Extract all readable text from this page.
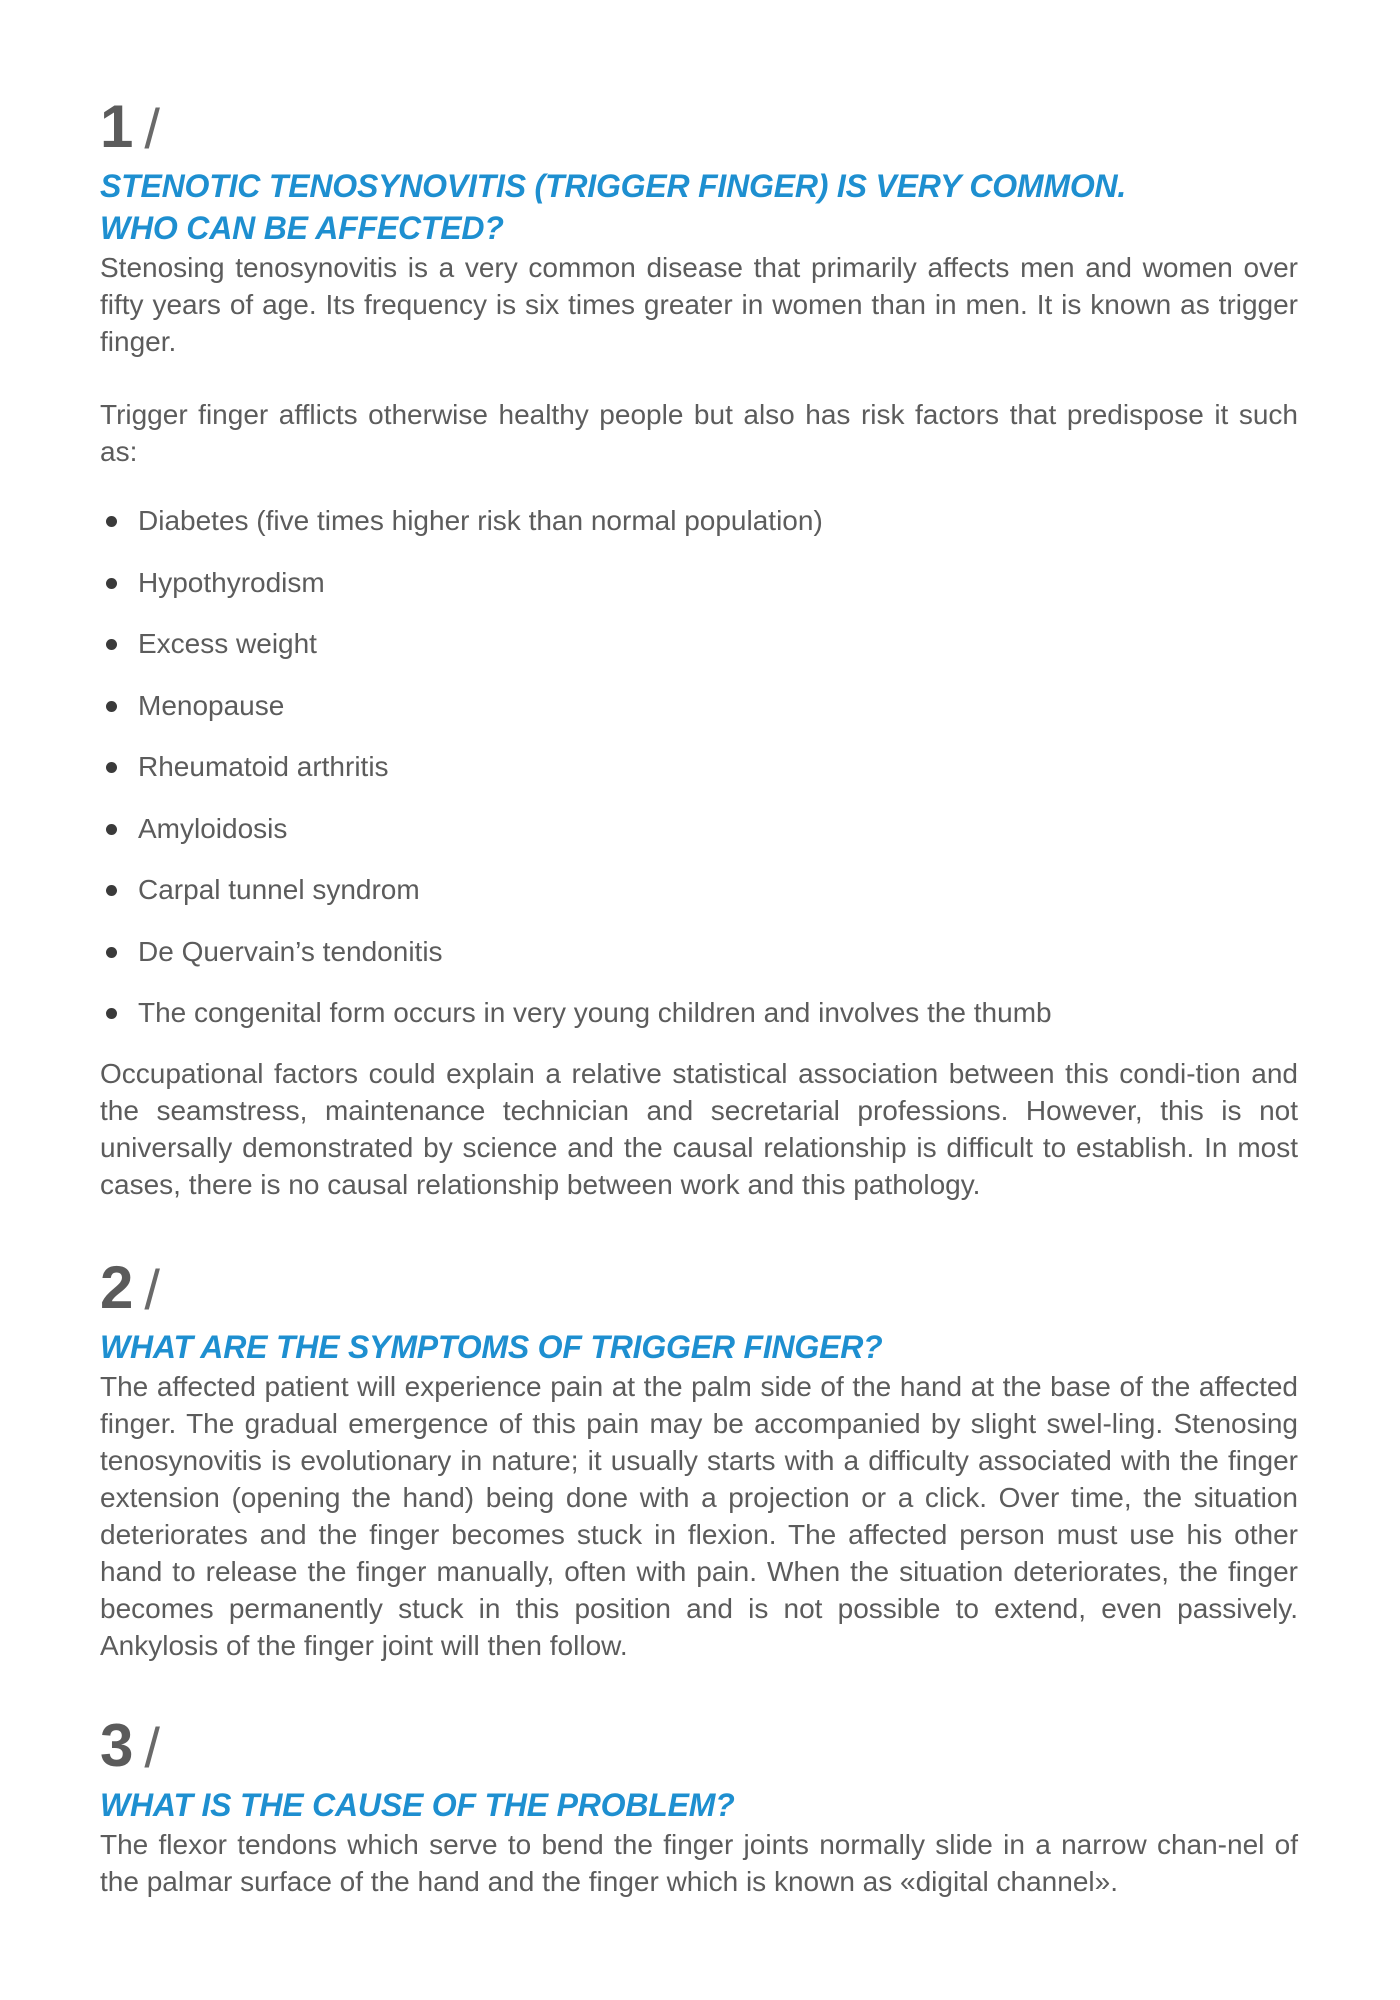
1 /
STENOTIC TENOSYNOVITIS (TRIGGER FINGER) IS VERY COMMON.
WHO CAN BE AFFECTED?

Stenosing tenosynovitis is a very common disease that primarily affects men and women over fifty years of age. Its frequency is six times greater in women than in men. It is known as trigger finger.

Trigger finger afflicts otherwise healthy people but also has risk factors that predispose it such as:

Diabetes (five times higher risk than normal population)
Hypothyrodism
Excess weight
Menopause
Rheumatoid arthritis
Amyloidosis
Carpal tunnel syndrom
De Quervain’s tendonitis
The congenital form occurs in very young children and involves the thumb

Occupational factors could explain a relative statistical association between this condi-tion and the seamstress, maintenance technician and secretarial professions. However, this is not universally demonstrated by science and the causal relationship is difficult to establish. In most cases, there is no causal relationship between work and this pathology.

2 /
WHAT ARE THE SYMPTOMS OF TRIGGER FINGER?

The affected patient will experience pain at the palm side of the hand at the base of the affected finger. The gradual emergence of this pain may be accompanied by slight swel-ling. Stenosing tenosynovitis is evolutionary in nature; it usually starts with a difficulty associated with the finger extension (opening the hand) being done with a projection or a click. Over time, the situation deteriorates and the finger becomes stuck in flexion. The affected person must use his other hand to release the finger manually, often with pain. When the situation deteriorates, the finger becomes permanently stuck in this position and is not possible to extend, even passively. Ankylosis of the finger joint will then follow.

3 /
WHAT IS THE CAUSE OF THE PROBLEM?

The flexor tendons which serve to bend the finger joints normally slide in a narrow chan-nel of the palmar surface of the hand and the finger which is known as «digital channel».
